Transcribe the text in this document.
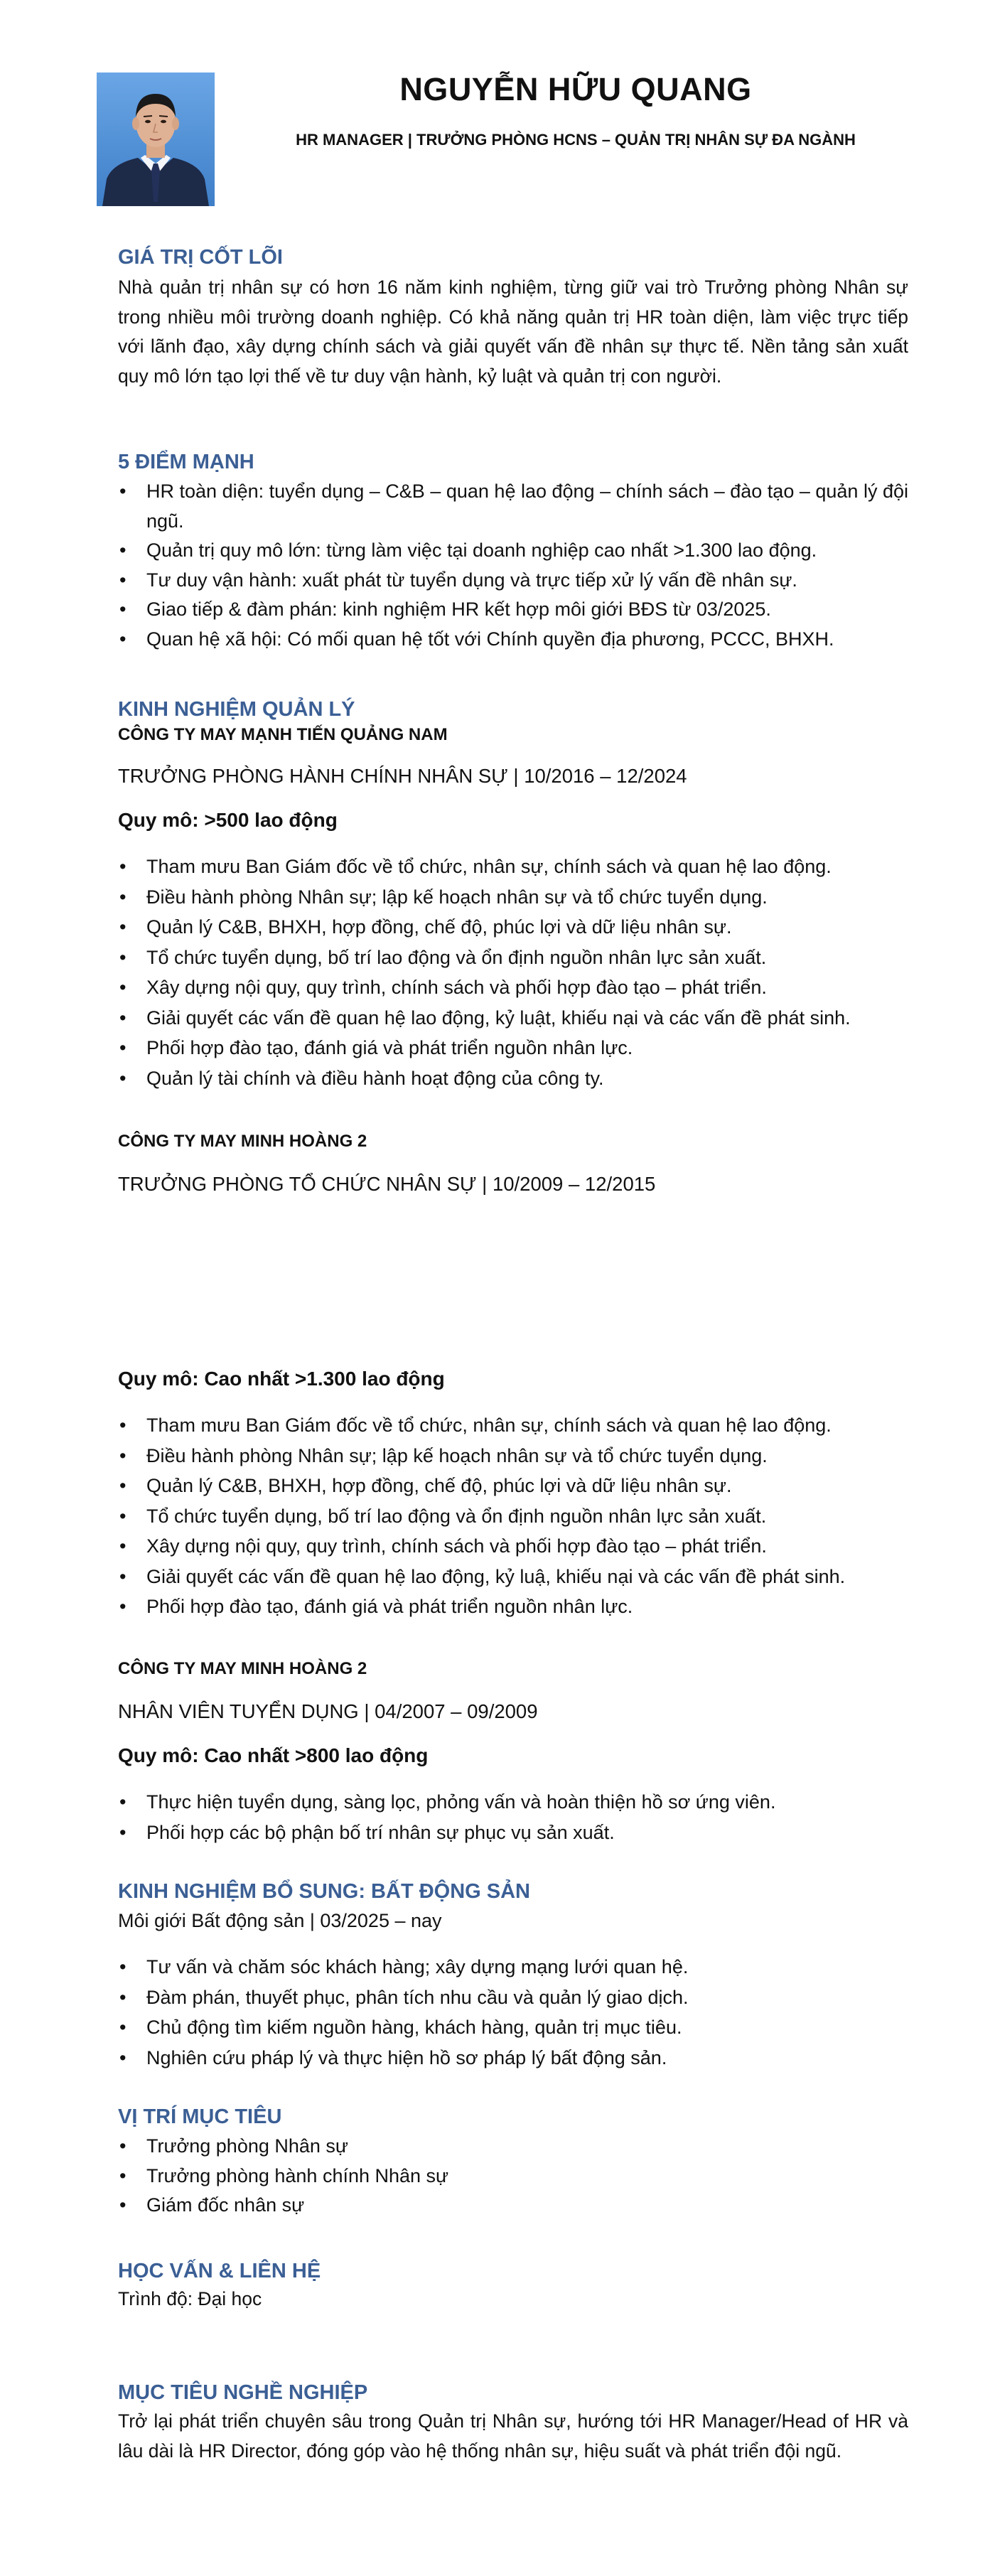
NGUYỄN HỮU QUANG
HR MANAGER | TRƯỞNG PHÒNG HCNS – QUẢN TRỊ NHÂN SỰ ĐA NGÀNH
GIÁ TRỊ CỐT LÕI
Nhà quản trị nhân sự có hơn 16 năm kinh nghiệm, từng giữ vai trò Trưởng phòng Nhân sự trong nhiều môi trường doanh nghiệp. Có khả năng quản trị HR toàn diện, làm việc trực tiếp với lãnh đạo, xây dựng chính sách và giải quyết vấn đề nhân sự thực tế. Nền tảng sản xuất quy mô lớn tạo lợi thế về tư duy vận hành, kỷ luật và quản trị con người.
5 ĐIỂM MẠNH
• HR toàn diện: tuyển dụng – C&B – quan hệ lao động – chính sách – đào tạo – quản lý đội ngũ.
• Quản trị quy mô lớn: từng làm việc tại doanh nghiệp cao nhất >1.300 lao động.
• Tư duy vận hành: xuất phát từ tuyển dụng và trực tiếp xử lý vấn đề nhân sự.
• Giao tiếp & đàm phán: kinh nghiệm HR kết hợp môi giới BĐS từ 03/2025.
• Quan hệ xã hội: Có mối quan hệ tốt với Chính quyền địa phương, PCCC, BHXH.
KINH NGHIỆM QUẢN LÝ
CÔNG TY MAY MẠNH TIẾN QUẢNG NAM
TRƯỞNG PHÒNG HÀNH CHÍNH NHÂN SỰ | 10/2016 – 12/2024
Quy mô: >500 lao động
• Tham mưu Ban Giám đốc về tổ chức, nhân sự, chính sách và quan hệ lao động.
• Điều hành phòng Nhân sự; lập kế hoạch nhân sự và tổ chức tuyển dụng.
• Quản lý C&B, BHXH, hợp đồng, chế độ, phúc lợi và dữ liệu nhân sự.
• Tổ chức tuyển dụng, bố trí lao động và ổn định nguồn nhân lực sản xuất.
• Xây dựng nội quy, quy trình, chính sách và phối hợp đào tạo – phát triển.
• Giải quyết các vấn đề quan hệ lao động, kỷ luật, khiếu nại và các vấn đề phát sinh.
• Phối hợp đào tạo, đánh giá và phát triển nguồn nhân lực.
• Quản lý tài chính và điều hành hoạt động của công ty.
CÔNG TY MAY MINH HOÀNG 2
TRƯỞNG PHÒNG TỔ CHỨC NHÂN SỰ | 10/2009 – 12/2015
Quy mô: Cao nhất >1.300 lao động
• Tham mưu Ban Giám đốc về tổ chức, nhân sự, chính sách và quan hệ lao động.
• Điều hành phòng Nhân sự; lập kế hoạch nhân sự và tổ chức tuyển dụng.
• Quản lý C&B, BHXH, hợp đồng, chế độ, phúc lợi và dữ liệu nhân sự.
• Tổ chức tuyển dụng, bố trí lao động và ổn định nguồn nhân lực sản xuất.
• Xây dựng nội quy, quy trình, chính sách và phối hợp đào tạo – phát triển.
• Giải quyết các vấn đề quan hệ lao động, kỷ luậ, khiếu nại và các vấn đề phát sinh.
• Phối hợp đào tạo, đánh giá và phát triển nguồn nhân lực.
CÔNG TY MAY MINH HOÀNG 2
NHÂN VIÊN TUYỂN DỤNG | 04/2007 – 09/2009
Quy mô: Cao nhất >800 lao động
• Thực hiện tuyển dụng, sàng lọc, phỏng vấn và hoàn thiện hồ sơ ứng viên.
• Phối hợp các bộ phận bố trí nhân sự phục vụ sản xuất.
KINH NGHIỆM BỔ SUNG: BẤT ĐỘNG SẢN
Môi giới Bất động sản | 03/2025 – nay
• Tư vấn và chăm sóc khách hàng; xây dựng mạng lưới quan hệ.
• Đàm phán, thuyết phục, phân tích nhu cầu và quản lý giao dịch.
• Chủ động tìm kiếm nguồn hàng, khách hàng, quản trị mục tiêu.
• Nghiên cứu pháp lý và thực hiện hồ sơ pháp lý bất động sản.
VỊ TRÍ MỤC TIÊU
• Trưởng phòng Nhân sự
• Trưởng phòng hành chính Nhân sự
• Giám đốc nhân sự
HỌC VẤN & LIÊN HỆ
Trình độ: Đại học
MỤC TIÊU NGHỀ NGHIỆP
Trở lại phát triển chuyên sâu trong Quản trị Nhân sự, hướng tới HR Manager/Head of HR và lâu dài là HR Director, đóng góp vào hệ thống nhân sự, hiệu suất và phát triển đội ngũ.
